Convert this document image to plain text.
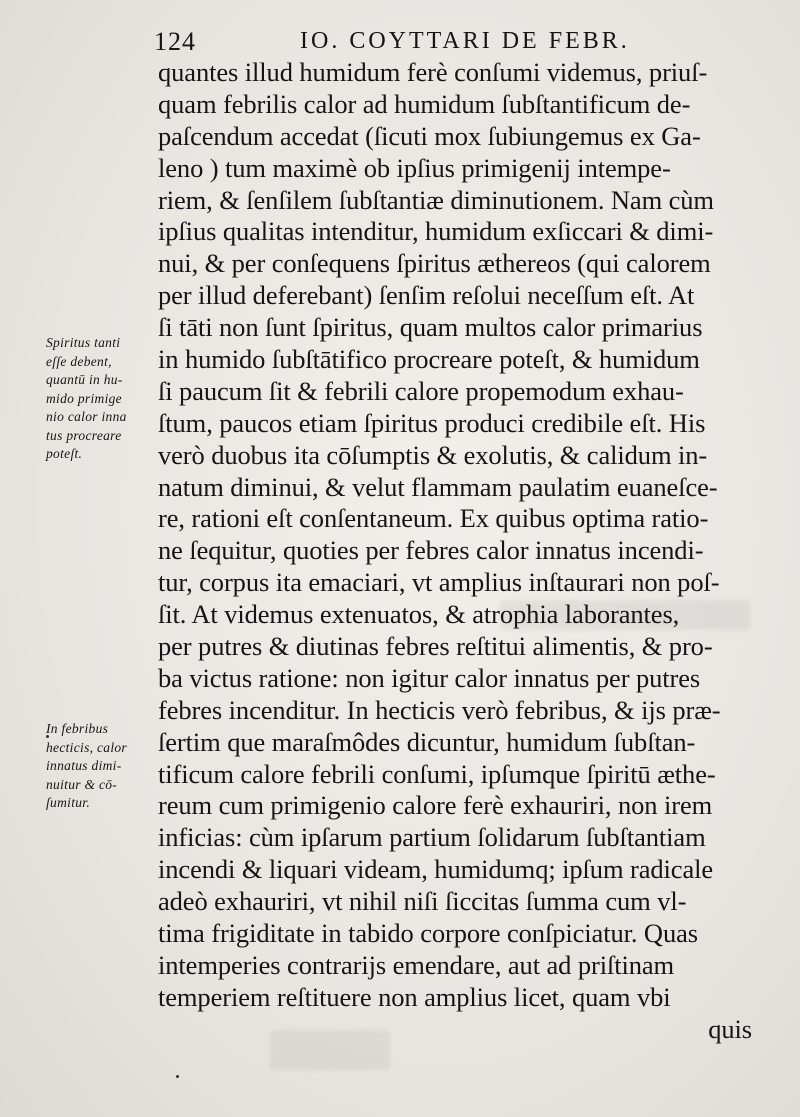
124	IO. COYTTARI DE FEBR.
Spiritus tanti
eſſe debent,
quantū in hu-
mido primige
nio calor inna
tus procreare
poteſt.
In febribus
hecticis, calor
innatus dimi-
nuitur & cō-
ſumitur.
quantes illud humidum ferè conſumi videmus, priuſ-
quam febrilis calor ad humidum ſubſtantificum de-
paſcendum accedat (ſicuti mox ſubiungemus ex Ga-
leno ) tum maximè ob ipſius primigenij intempe-
riem, & ſenſilem ſubſtantiæ diminutionem. Nam cùm
ipſius qualitas intenditur, humidum exſiccari & dimi-
nui, & per conſequens ſpiritus æthereos (qui calorem
per illud deferebant) ſenſim reſolui neceſſum eſt. At
ſi tāti non ſunt ſpiritus, quam multos calor primarius
in humido ſubſtātifico procreare poteſt, & humidum
ſi paucum ſit & febrili calore propemodum exhau-
ſtum, paucos etiam ſpiritus produci credibile eſt. His
verò duobus ita cōſumptis & exolutis, & calidum in-
natum diminui, & velut flammam paulatim euaneſce-
re, rationi eſt conſentaneum. Ex quibus optima ratio-
ne ſequitur, quoties per febres calor innatus incendi-
tur, corpus ita emaciari, vt amplius inſtaurari non poſ-
ſit. At videmus extenuatos, & atrophia laborantes,
per putres & diutinas febres reſtitui alimentis, & pro-
ba victus ratione: non igitur calor innatus per putres
febres incenditur. In hecticis verò febribus, & ijs præ-
ſertim que maraſmôdes dicuntur, humidum ſubſtan-
tificum calore febrili conſumi, ipſumque ſpiritū æthe-
reum cum primigenio calore ferè exhauriri, non irem
inficias: cùm ipſarum partium ſolidarum ſubſtantiam
incendi & liquari videam, humidumq; ipſum radicale
adeò exhauriri, vt nihil niſi ſiccitas ſumma cum vl-
tima frigiditate in tabido corpore conſpiciatur. Quas
intemperies contrarijs emendare, aut ad priſtinam
temperiem reſtituere non amplius licet, quam vbi
quis
